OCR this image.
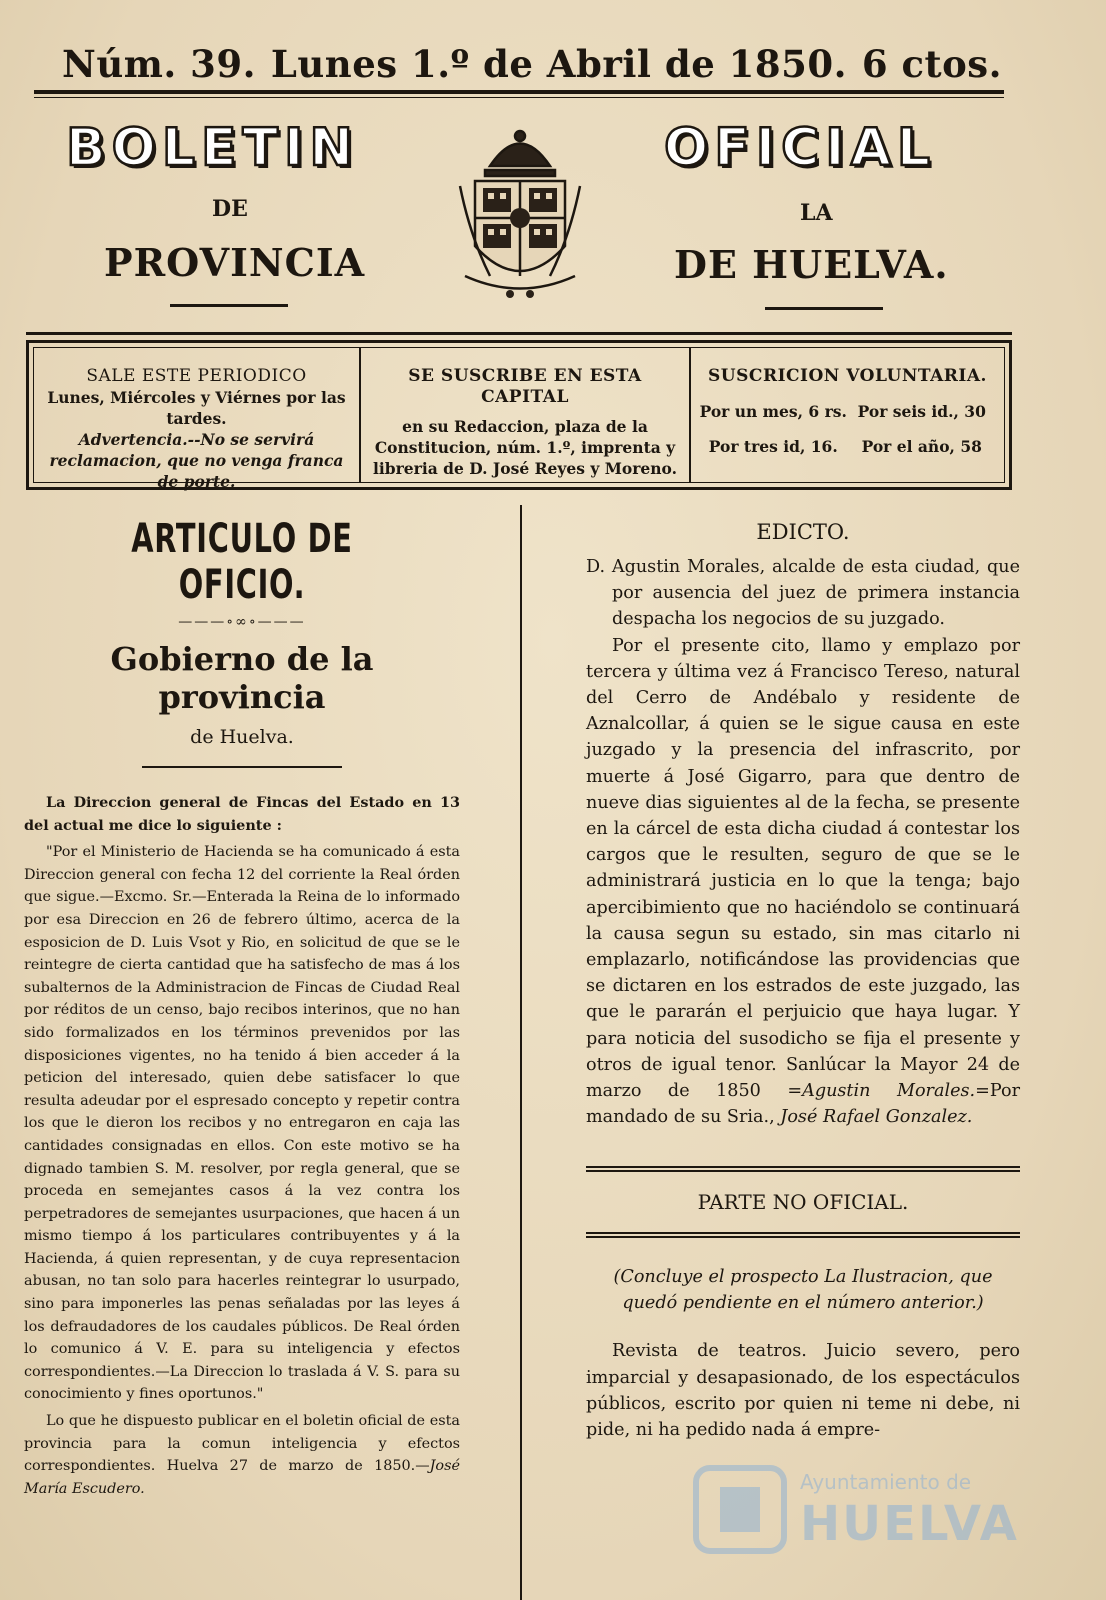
Núm. 39. Lunes 1.º de Abril de 1850. 6 ctos.
BOLETIN	OFICIAL
DE	LA
PROVINCIA	DE HUELVA.
SALE ESTE PERIODICO
Lunes, Miércoles y Viérnes por las tardes.
Advertencia.--No se servirá reclamacion, que no venga franca de porte.
SE SUSCRIBE EN ESTA CAPITAL
en su Redaccion, plaza de la Constitucion, núm. 1.º, imprenta y libreria de D. José Reyes y Moreno.
SUSCRICION VOLUNTARIA.
Por un mes, 6 rs. Por seis id., 30
Por tres id, 16.	Por el año, 58
ARTICULO DE OFICIO.
———∘∞∘———
Gobierno de la provincia
de Huelva.

La Direccion general de Fincas del Estado en 13 del actual me dice lo siguiente :

"Por el Ministerio de Hacienda se ha comunicado á esta Direccion general con fecha 12 del corriente la Real órden que sigue.—Excmo. Sr.—Enterada la Reina de lo informado por esa Direccion en 26 de febrero último, acerca de la esposicion de D. Luis Vsot y Rio, en solicitud de que se le reintegre de cierta cantidad que ha satisfecho de mas á los subalternos de la Administracion de Fincas de Ciudad Real por réditos de un censo, bajo recibos interinos, que no han sido formalizados en los términos prevenidos por las disposiciones vigentes, no ha tenido á bien acceder á la peticion del interesado, quien debe satisfacer lo que resulta adeudar por el espresado concepto y repetir contra los que le dieron los recibos y no entregaron en caja las cantidades consignadas en ellos. Con este motivo se ha dignado tambien S. M. resolver, por regla general, que se proceda en semejantes casos á la vez contra los perpetradores de semejantes usurpaciones, que hacen á un mismo tiempo á los particulares contribuyentes y á la Hacienda, á quien representan, y de cuya representacion abusan, no tan solo para hacerles reintegrar lo usurpado, sino para imponerles las penas señaladas por las leyes á los defraudadores de los caudales públicos. De Real órden lo comunico á V. E. para su inteligencia y efectos correspondientes.—La Direccion lo traslada á V. S. para su conocimiento y fines oportunos."

Lo que he dispuesto publicar en el boletin oficial de esta provincia para la comun inteligencia y efectos correspondientes. Huelva 27 de marzo de 1850.—José María Escudero.

EDICTO.

D. Agustin Morales, alcalde de esta ciudad, que por ausencia del juez de primera instancia despacha los negocios de su juzgado.

Por el presente cito, llamo y emplazo por tercera y última vez á Francisco Tereso, natural del Cerro de Andébalo y residente de Aznalcollar, á quien se le sigue causa en este juzgado y la presencia del infrascrito, por muerte á José Gigarro, para que dentro de nueve dias siguientes al de la fecha, se presente en la cárcel de esta dicha ciudad á contestar los cargos que le resulten, seguro de que se le administrará justicia en lo que la tenga; bajo apercibimiento que no haciéndolo se continuará la causa segun su estado, sin mas citarlo ni emplazarlo, notificándose las providencias que se dictaren en los estrados de este juzgado, las que le pararán el perjuicio que haya lugar. Y para noticia del susodicho se fija el presente y otros de igual tenor. Sanlúcar la Mayor 24 de marzo de 1850 =Agustin Morales.=Por mandado de su Sria., José Rafael Gonzalez.

PARTE NO OFICIAL.
(Concluye el prospecto La Ilustracion, que quedó pendiente en el número anterior.)

Revista de teatros. Juicio severo, pero imparcial y desapasionado, de los espectáculos públicos, escrito por quien ni teme ni debe, ni pide, ni ha pedido nada á empre-

Ayuntamiento de
HUELVA
